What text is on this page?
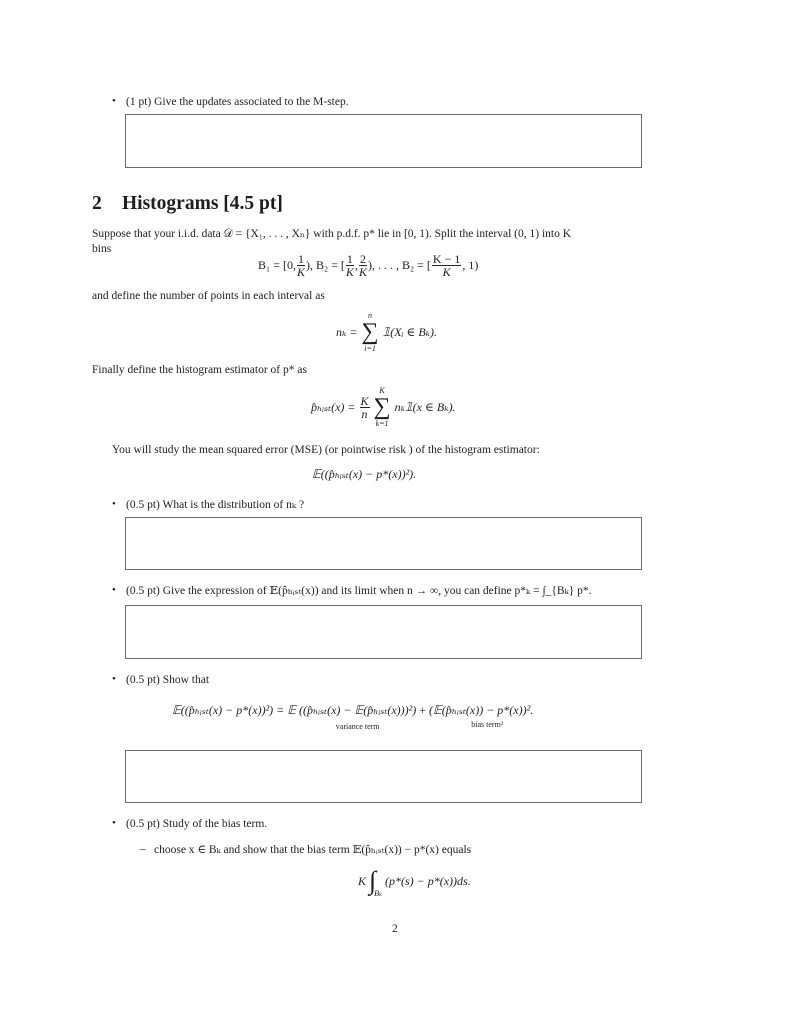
• (1 pt) Give the updates associated to the M-step.
2 Histograms [4.5 pt]
Suppose that your i.i.d. data 𝒟 = {X₁, . . . , Xₙ} with p.d.f. p* lie in [0, 1). Split the interval (0, 1) into K
bins
B₁ = [0, $\frac{1}{K}$ ), B₂ = [ $\frac{1}{K}$ , $\frac{2}{K}$ ), . . . , B₂ = [ $\frac{K - 1}{K}$ , 1)
and define the number of points in each interval as
nₖ =
n
∑
i=1
𝟙(Xᵢ ∈ Bₖ).
Finally define the histogram estimator of p* as
p̂ₕᵢₛₜ(x) = $\frac{K}{n}$
K
∑
k=1
nₖ𝟙(x ∈ Bₖ).
You will study the mean squared error (MSE) (or pointwise risk ) of the histogram estimator:
𝔼((p̂ₕᵢₛₜ(x) − p*(x))²).
• (0.5 pt) What is the distribution of nₖ ?
• (0.5 pt) Give the expression of 𝔼(p̂ₕᵢₛₜ(x)) and its limit when n → ∞, you can define p*ₖ = ∫_{Bₖ} p*.
• (0.5 pt) Show that
𝔼((p̂ₕᵢₛₜ(x) − p*(x))²) = 𝔼 ((p̂ₕᵢₛₜ(x) − 𝔼(p̂ₕᵢₛₜ(x)))²)
variance term
+ (𝔼(p̂ₕᵢₛₜ(x)) − p*(x))².
bias term²
• (0.5 pt) Study of the bias term.
– choose x ∈ Bₖ and show that the bias term 𝔼(p̂ₕᵢₛₜ(x)) − p*(x) equals
K ∫
Bₖ
(p*(s) − p*(x))ds.
2
